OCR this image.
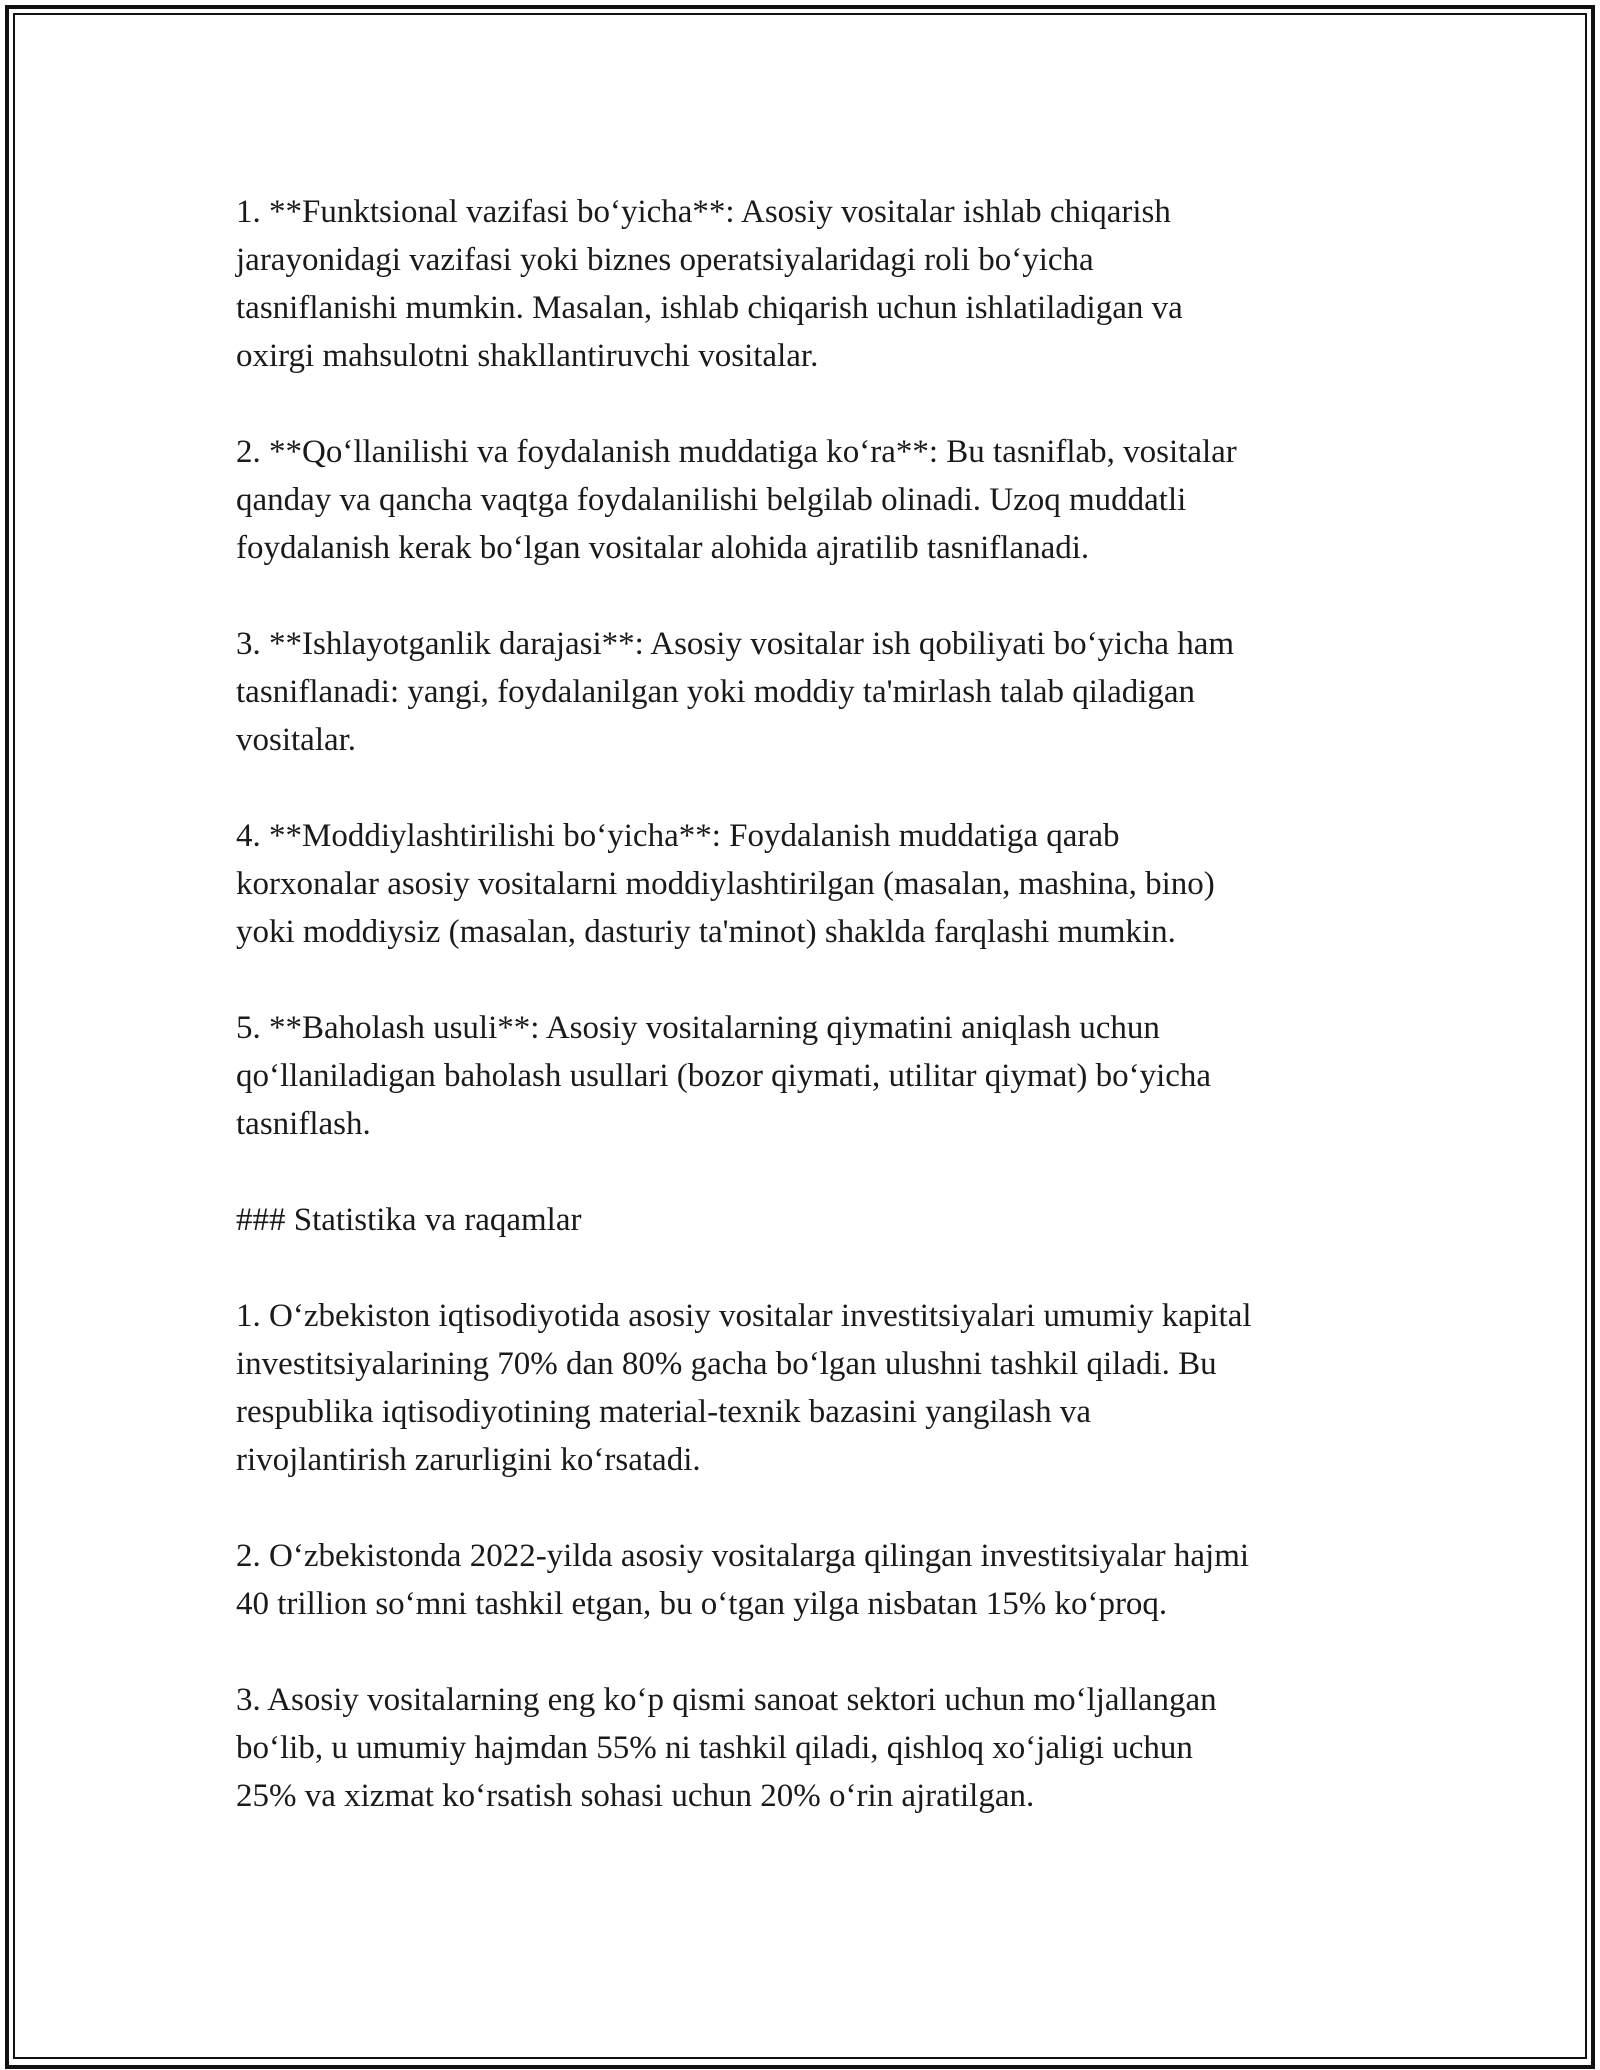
1. **Funktsional vazifasi bo‘yicha**: Asosiy vositalar ishlab chiqarish
jarayonidagi vazifasi yoki biznes operatsiyalaridagi roli bo‘yicha
tasniflanishi mumkin. Masalan, ishlab chiqarish uchun ishlatiladigan va
oxirgi mahsulotni shakllantiruvchi vositalar.

2. **Qo‘llanilishi va foydalanish muddatiga ko‘ra**: Bu tasniflab, vositalar
qanday va qancha vaqtga foydalanilishi belgilab olinadi. Uzoq muddatli
foydalanish kerak bo‘lgan vositalar alohida ajratilib tasniflanadi.

3. **Ishlayotganlik darajasi**: Asosiy vositalar ish qobiliyati bo‘yicha ham
tasniflanadi: yangi, foydalanilgan yoki moddiy ta'mirlash talab qiladigan
vositalar.

4. **Moddiylashtirilishi bo‘yicha**: Foydalanish muddatiga qarab
korxonalar asosiy vositalarni moddiylashtirilgan (masalan, mashina, bino)
yoki moddiysiz (masalan, dasturiy ta'minot) shaklda farqlashi mumkin.

5. **Baholash usuli**: Asosiy vositalarning qiymatini aniqlash uchun
qo‘llaniladigan baholash usullari (bozor qiymati, utilitar qiymat) bo‘yicha
tasniflash.

### Statistika va raqamlar

1. O‘zbekiston iqtisodiyotida asosiy vositalar investitsiyalari umumiy kapital
investitsiyalarining 70% dan 80% gacha bo‘lgan ulushni tashkil qiladi. Bu
respublika iqtisodiyotining material-texnik bazasini yangilash va
rivojlantirish zarurligini ko‘rsatadi.

2. O‘zbekistonda 2022-yilda asosiy vositalarga qilingan investitsiyalar hajmi
40 trillion so‘mni tashkil etgan, bu o‘tgan yilga nisbatan 15% ko‘proq.

3. Asosiy vositalarning eng ko‘p qismi sanoat sektori uchun mo‘ljallangan
bo‘lib, u umumiy hajmdan 55% ni tashkil qiladi, qishloq xo‘jaligi uchun
25% va xizmat ko‘rsatish sohasi uchun 20% o‘rin ajratilgan.
